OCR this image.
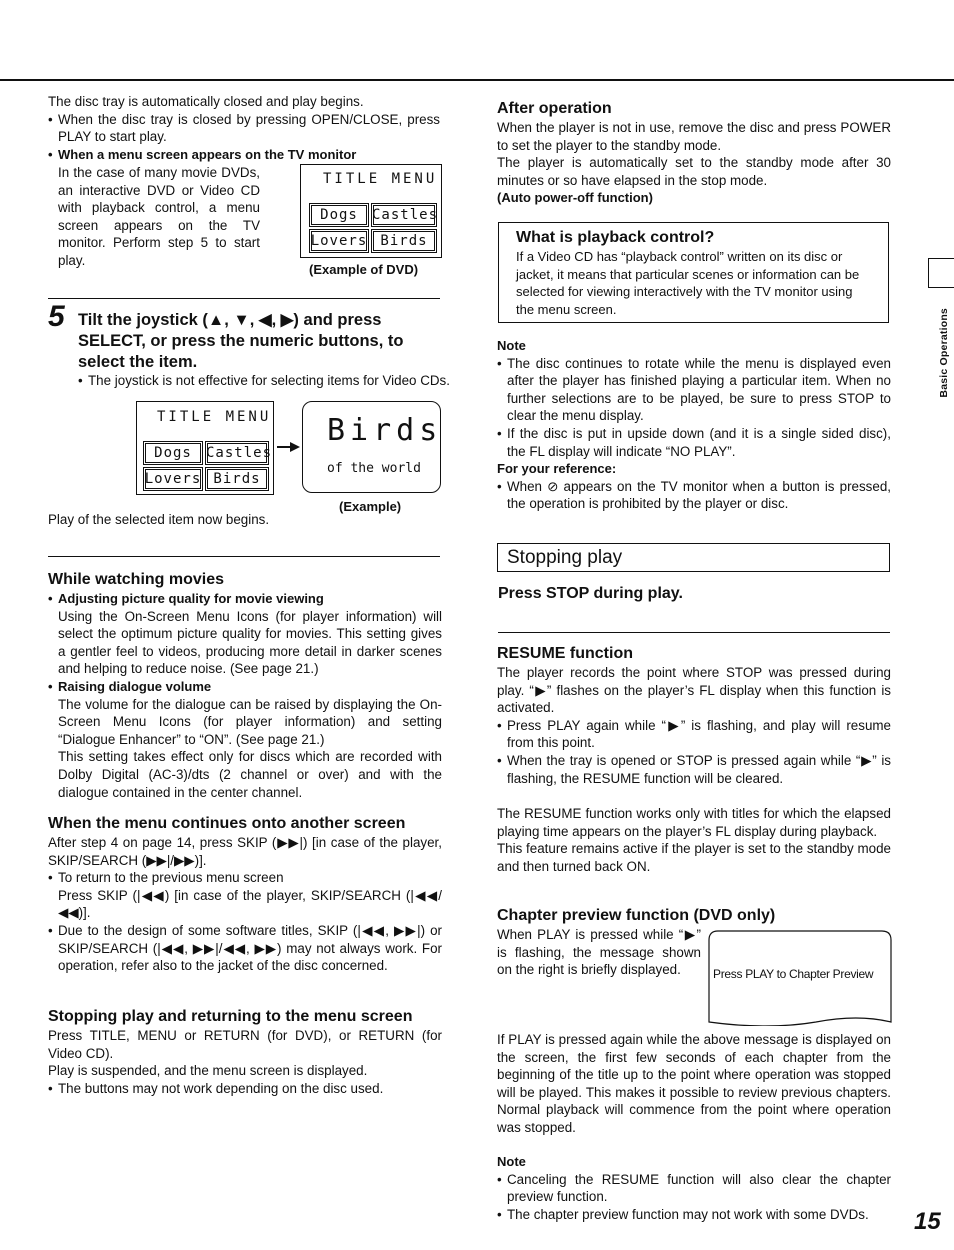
The disc tray is automatically closed and play begins.

• When the disc tray is closed by pressing OPEN/CLOSE, press PLAY to start play.

• When a menu screen appears on the TV monitor

In the case of many movie DVDs, an interactive DVD or Video CD with playback control, a menu screen appears on the TV monitor. Perform step 5 to start play.

TITLE MENU
Dogs	Castles
Lovers Birds

(Example of DVD)

5 Tilt the joystick (▲, ▼, ◀, ▶) and press SELECT, or press the numeric buttons, to select the item.

• The joystick is not effective for selecting items for Video CDs.

TITLE MENU
Dogs	Castles
Lovers Birds
Birds
of the world

(Example)

Play of the selected item now begins.

While watching movies

• Adjusting picture quality for movie viewing

Using the On-Screen Menu Icons (for player information) will select the optimum picture quality for movies. This setting gives a gentler feel to videos, producing more detail in darker scenes and helping to reduce noise. (See page 21.)

• Raising dialogue volume

The volume for the dialogue can be raised by displaying the On-Screen Menu Icons (for player information) and setting “Dialogue Enhancer” to “ON”. (See page 21.)

This setting takes effect only for discs which are recorded with Dolby Digital (AC-3)/dts (2 channel or over) and with the dialogue contained in the center channel.

When the menu continues onto another screen

After step 4 on page 14, press SKIP (▶▶|) [in case of the player, SKIP/SEARCH (▶▶|/▶▶)].

• To return to the previous menu screen

Press SKIP (|◀◀) [in case of the player, SKIP/SEARCH (|◀◀/◀◀)].

• Due to the design of some software titles, SKIP (|◀◀, ▶▶|) or SKIP/SEARCH (|◀◀, ▶▶|/◀◀, ▶▶) may not always work. For operation, refer also to the jacket of the disc concerned.

Stopping play and returning to the menu screen

Press TITLE, MENU or RETURN (for DVD), or RETURN (for Video CD).

Play is suspended, and the menu screen is displayed.

• The buttons may not work depending on the disc used.

After operation

When the player is not in use, remove the disc and press POWER to set the player to the standby mode.

The player is automatically set to the standby mode after 30 minutes or so have elapsed in the stop mode.

(Auto power-off function)

What is playback control?

If a Video CD has “playback control” written on its disc or jacket, it means that particular scenes or information can be selected for viewing interactively with the TV monitor using the menu screen.

Note

• The disc continues to rotate while the menu is displayed even after the player has finished playing a particular item. When no further selections are to be played, be sure to press STOP to clear the menu display.

• If the disc is put in upside down (and it is a single sided disc), the FL display will indicate “NO PLAY”.

For your reference:

• When ⊘ appears on the TV monitor when a button is pressed, the operation is prohibited by the player or disc.

Stopping play

Press STOP during play.

RESUME function

The player records the point where STOP was pressed during play. “▶” flashes on the player’s FL display when this function is activated.

• Press PLAY again while “▶” is flashing, and play will resume from this point.

• When the tray is opened or STOP is pressed again while “▶” is flashing, the RESUME function will be cleared.

The RESUME function works only with titles for which the elapsed playing time appears on the player’s FL display during playback.

This feature remains active if the player is set to the standby mode and then turned back ON.

Chapter preview function (DVD only)

When PLAY is pressed while “▶” is flashing, the message shown on the right is briefly displayed.	Press PLAY to Chapter Preview

If PLAY is pressed again while the above message is displayed on the screen, the first few seconds of each chapter from the beginning of the title up to the point where operation was stopped will be played. This makes it possible to review previous chapters. Normal playback will commence from the point where operation was stopped.

Note

• Canceling the RESUME function will also clear the chapter preview function.

• The chapter preview function may not work with some DVDs.

Basic Operations

15
